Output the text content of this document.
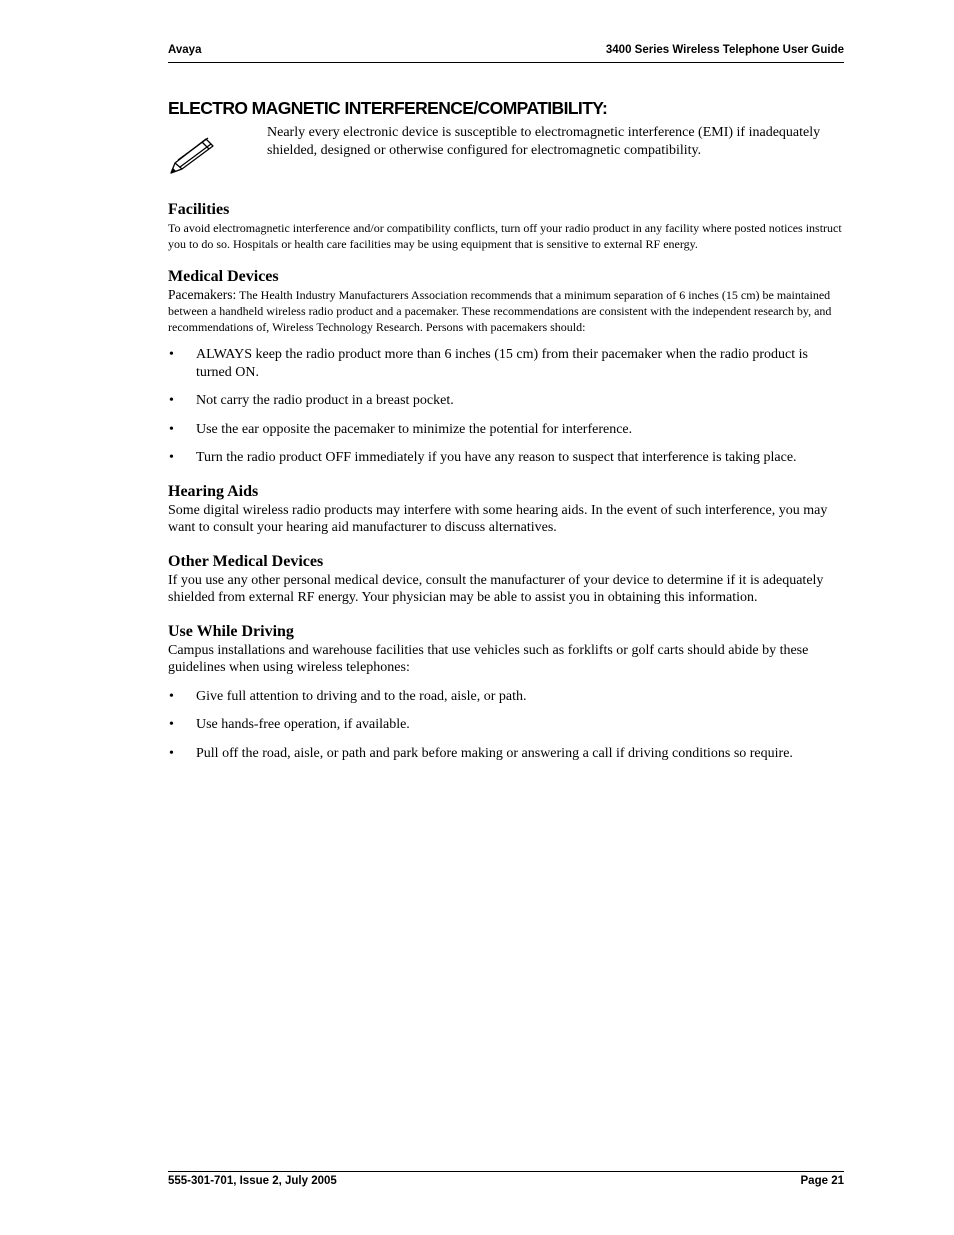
Avaya	3400 Series Wireless Telephone User Guide
ELECTRO MAGNETIC INTERFERENCE/COMPATIBILITY:

Nearly every electronic device is susceptible to electromagnetic interference (EMI) if inadequately shielded, designed or otherwise configured for electromagnetic compatibility.

Facilities

To avoid electromagnetic interference and/or compatibility conflicts, turn off your radio product in any facility where posted notices instruct you to do so. Hospitals or health care facilities may be using equipment that is sensitive to external RF energy.

Medical Devices

Pacemakers: The Health Industry Manufacturers Association recommends that a minimum separation of 6 inches (15 cm) be maintained between a handheld wireless radio product and a pacemaker. These recommendations are consistent with the independent research by, and recommendations of, Wireless Technology Research. Persons with pacemakers should:

• ALWAYS keep the radio product more than 6 inches (15 cm) from their pacemaker when the radio product is turned ON.
• Not carry the radio product in a breast pocket.
• Use the ear opposite the pacemaker to minimize the potential for interference.
• Turn the radio product OFF immediately if you have any reason to suspect that interference is taking place.
Hearing Aids

Some digital wireless radio products may interfere with some hearing aids. In the event of such interference, you may want to consult your hearing aid manufacturer to discuss alternatives.

Other Medical Devices

If you use any other personal medical device, consult the manufacturer of your device to determine if it is adequately shielded from external RF energy. Your physician may be able to assist you in obtaining this information.

Use While Driving

Campus installations and warehouse facilities that use vehicles such as forklifts or golf carts should abide by these guidelines when using wireless telephones:

• Give full attention to driving and to the road, aisle, or path.
• Use hands-free operation, if available.
• Pull off the road, aisle, or path and park before making or answering a call if driving conditions so require.
555-301-701, Issue 2, July 2005	Page 21
